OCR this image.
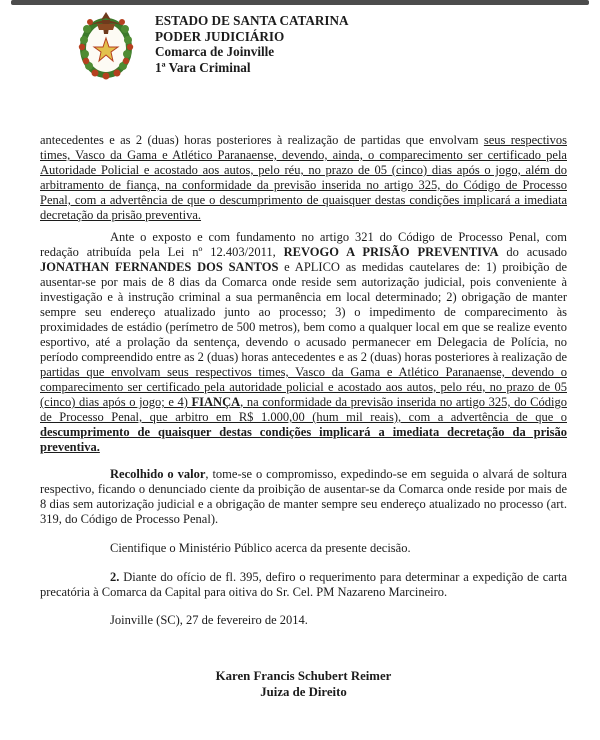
ESTADO DE SANTA CATARINA
PODER JUDICIÁRIO
Comarca de Joinville
1ª Vara Criminal

antecedentes e as 2 (duas) horas posteriores à realização de partidas que envolvam seus respectivos times, Vasco da Gama e Atlético Paranaense, devendo, ainda, o comparecimento ser certificado pela Autoridade Policial e acostado aos autos, pelo réu, no prazo de 05 (cinco) dias após o jogo, além do arbitramento de fiança, na conformidade da previsão inserida no artigo 325, do Código de Processo Penal, com a advertência de que o descumprimento de quaisquer destas condições implicará a imediata decretação da prisão preventiva.

Ante o exposto e com fundamento no artigo 321 do Código de Processo Penal, com redação atribuída pela Lei nº 12.403/2011, REVOGO A PRISÃO PREVENTIVA do acusado JONATHAN FERNANDES DOS SANTOS e APLICO as medidas cautelares de: 1) proibição de ausentar-se por mais de 8 dias da Comarca onde reside sem autorização judicial, pois conveniente à investigação e à instrução criminal a sua permanência em local determinado; 2) obrigação de manter sempre seu endereço atualizado junto ao processo; 3) o impedimento de comparecimento às proximidades de estádio (perímetro de 500 metros), bem como a qualquer local em que se realize evento esportivo, até a prolação da sentença, devendo o acusado permanecer em Delegacia de Polícia, no período compreendido entre as 2 (duas) horas antecedentes e as 2 (duas) horas posteriores à realização de partidas que envolvam seus respectivos times, Vasco da Gama e Atlético Paranaense, devendo o comparecimento ser certificado pela autoridade policial e acostado aos autos, pelo réu, no prazo de 05 (cinco) dias após o jogo; e 4) FIANÇA, na conformidade da previsão inserida no artigo 325, do Código de Processo Penal, que arbitro em R$ 1.000,00 (hum mil reais), com a advertência de que o descumprimento de quaisquer destas condições implicará a imediata decretação da prisão preventiva.

Recolhido o valor, tome-se o compromisso, expedindo-se em seguida o alvará de soltura respectivo, ficando o denunciado ciente da proibição de ausentar-se da Comarca onde reside por mais de 8 dias sem autorização judicial e a obrigação de manter sempre seu endereço atualizado no processo (art. 319, do Código de Processo Penal).

Cientifique o Ministério Público acerca da presente decisão.

2. Diante do ofício de fl. 395, defiro o requerimento para determinar a expedição de carta precatória à Comarca da Capital para oitiva do Sr. Cel. PM Nazareno Marcineiro.

Joinville (SC), 27 de fevereiro de 2014.

Karen Francis Schubert Reimer
Juiza de Direito
